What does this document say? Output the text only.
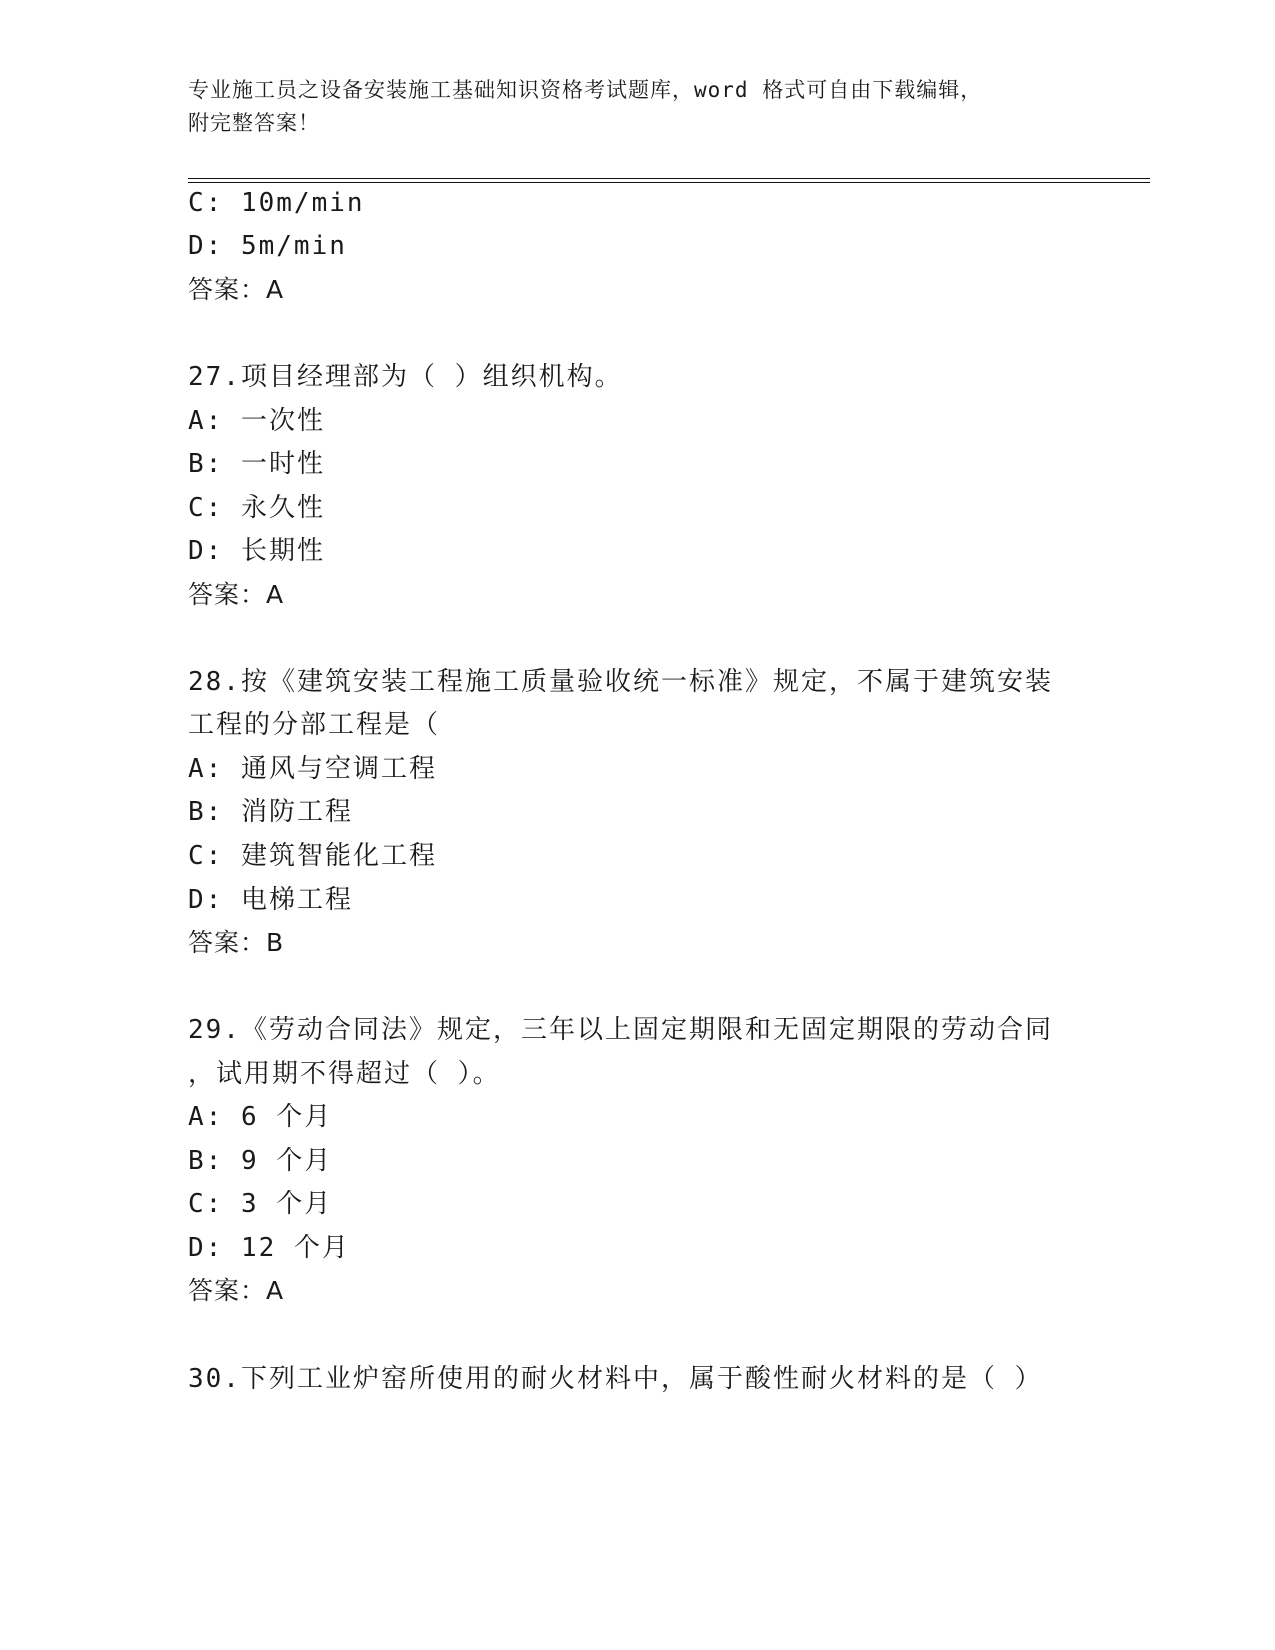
专业施工员之设备安装施工基础知识资格考试题库，word 格式可自由下载编辑，
附完整答案！
C: 10m/min
D: 5m/min
答案：A
27.项目经理部为（ ）组织机构。
A: 一次性
B: 一时性
C: 永久性
D: 长期性
答案：A
28.按《建筑安装工程施工质量验收统一标准》规定，不属于建筑安装
工程的分部工程是（
A: 通风与空调工程
B: 消防工程
C: 建筑智能化工程
D: 电梯工程
答案：B
29.《劳动合同法》规定，三年以上固定期限和无固定期限的劳动合同
，试用期不得超过（ ）。
A: 6 个月
B: 9 个月
C: 3 个月
D: 12 个月
答案：A
30.下列工业炉窑所使用的耐火材料中，属于酸性耐火材料的是（ ）
